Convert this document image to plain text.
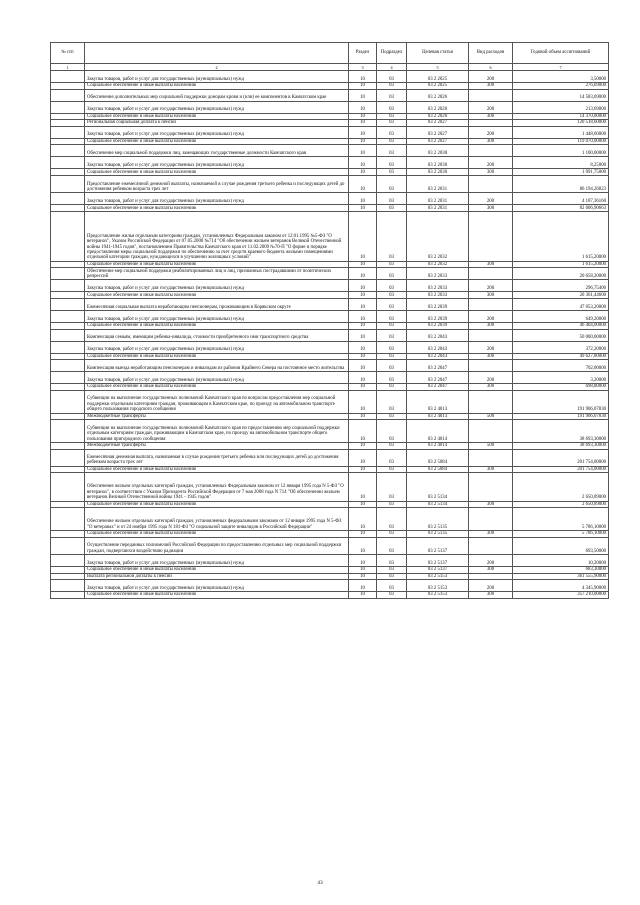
№ п/п		Раздел	Подраздел	Целевая статья	Вид расходов	Годовой объем ассигнований
1	2	3	4	5	6	7
	Закупка товаров, работ и услуг для государственных (муниципальных) нужд	10	03	03 2 2025	200	3,50000
	Социальное обеспечение и иные выплаты населению	10	03	03 2 2025	300	276,69000
	Обеспечение дополнительных мер социальной поддержки донорам крови и (или) ее компонентов в Камчатском крае	10	03	03 2 2026		14 583,69000
	Закупка товаров, работ и услуг для государственных (муниципальных) нужд	10	03	03 2 2026	200	213,69000
	Социальное обеспечение и иные выплаты населению	10	03	03 2 2026	300	14 370,00000
	Региональная социальная доплата к пенсии	10	03	03 2 2027		120 518,60000
	Закупка товаров, работ и услуг для государственных (муниципальных) нужд	10	03	03 2 2027	200	1 448,60000
	Социальное обеспечение и иные выплаты населению	10	03	03 2 2027	300	119 070,00000
	Обеспечение мер социальной поддержки лиц, замещающих государственные должности Камчатского края	10	03	03 2 2030		1 100,00000
	Закупка товаров, работ и услуг для государственных (муниципальных) нужд	10	03	03 2 2030	200	8,25000
	Социальное обеспечение и иные выплаты населению	10	03	03 2 2030	300	1 091,75000
	Предоставление ежемесячной денежной выплаты, назначаемой в случае рождения третьего ребенка и последующих детей до достижения ребенком возраста трех лет	10	03	03 2 2031		86 194,26823
	Закупка товаров, работ и услуг для государственных (муниципальных) нужд	10	03	03 2 2031	200	4 187,36160
	Социальное обеспечение и иные выплаты населению	10	03	03 2 2031	300	82 006,90663
	Предоставление жилья отдельным категориям граждан, установленных Федеральным законом от 12.01.1995 №5-ФЗ "О ветеранах", Указом Российской Федерации от 07.05.2008 №714 "Об обеспечении жильем ветеранов Великой Отечественной войны 1941-1945 годов", постановлением Правительства Камчатского края от 11.02.2009 №70-П "О форме и порядке предоставления меры социальной поддержки по обеспечению за счет средств краевого бюджета жилыми помещениями отдельной категории граждан, нуждающихся в улучшении жилищных условий"	10	03	03 2 2032		1 615,20000
	Социальное обеспечение и иные выплаты населению	10	03	03 2 2032	300	1 615,20000
	Обеспечение мер социальной поддержки реабилитированных лиц и лиц, признанных пострадавшими от политических репрессий	10	03	03 2 2033		20 658,20000
	Закупка товаров, работ и услуг для государственных (муниципальных) нужд	10	03	03 2 2033	200	296,75400
	Социальное обеспечение и иные выплаты населению	10	03	03 2 2033	300	20 361,44600
	Ежемесячная социальная выплата неработающим пенсионерам, проживающим в Корякском округе	10	03	03 2 2039		47 053,20000
	Закупка товаров, работ и услуг для государственных (муниципальных) нужд	10	03	03 2 2039	200	649,20000
	Социальное обеспечение и иные выплаты населению	10	03	03 2 2039	300	46 404,00000
	Компенсация семьям, имеющим ребенка-инвалида, стоимости приобретенного ими транспортного средства	10	03	03 2 2043		50 000,00000
	Закупка товаров, работ и услуг для государственных (муниципальных) нужд	10	03	03 2 2043	200	372,20000
	Социальное обеспечение и иные выплаты населению	10	03	03 2 2043	300	49 627,80000
	Компенсация выезда неработающим пенсионерам и инвалидам из районов Крайнего Севера на постоянное место жительства	10	03	03 2 2047		702,00000
	Закупка товаров, работ и услуг для государственных (муниципальных) нужд	10	03	03 2 2047	200	3,20000
	Социальное обеспечение и иные выплаты населению	10	03	03 2 2047	300	698,80000
	Субвенции на выполнение государственных полномочий Камчатского края по вопросам предоставления мер социальной поддержки отдельным категориям граждан, проживающим в Камчатском крае, по проезду на автомобильном транспорте общего пользования городского сообщения	10	03	03 2 4013		191 906,07830
	Межбюджетные трансферты	10	03	03 2 4013	500	191 906,07830
	Субвенции на выполнение государственных полномочий Камчатского края по предоставлению мер социальной поддержки отдельным категориям граждан, проживающим в Камчатском крае, по проезду на автомобильном транспорте общего пользования пригородного сообщения	10	03	03 2 4014		38 693,30000
	Межбюджетные трансферты	10	03	03 2 4014	500	38 693,30000
	Ежемесячная денежная выплата, назначаемая в случае рождения третьего ребенка или последующих детей до достижения ребенком возраста трех лет	10	03	03 2 5084		201 754,00000
	Социальное обеспечение и иные выплаты населению	10	03	03 2 5084	300	201 754,00000
	Обеспечение жильем отдельных категорий граждан, установленных Федеральным законом от 12 января 1995 года N 5-ФЗ "О ветеранах", в соответствии с Указом Президента Российской Федерации от 7 мая 2008 года N 714 "Об обеспечении жильем ветеранов Великой Отечественной войны 1941 - 1945 годов"	10	03	03 2 5134		2 650,89000
	Социальное обеспечение и иные выплаты населению	10	03	03 2 5134	300	2 650,89000
	Обеспечение жильем отдельных категорий граждан, установленных федеральными законами от 12 января 1995 года N 5-ФЗ "О ветеранах" и от 24 ноября 1995 года N 181-ФЗ "О социальной защите инвалидов в Российской Федерации"	10	03	03 2 5135		5 786,10000
	Социальное обеспечение и иные выплаты населению	10	03	03 2 5135	300	5 786,10000
	Осуществление переданных полномочий Российской Федерации по предоставлению отдельных мер социальной поддержки граждан, подвергшихся воздействию радиации	10	03	03 2 5137		693,50000
	Закупка товаров, работ и услуг для государственных (муниципальных) нужд	10	03	03 2 5137	200	10,20000
	Социальное обеспечение и иные выплаты населению	10	03	03 2 5137	300	683,30000
	Выплата региональной доплаты к пенсии	10	03	03 2 5153		361 555,90000
	Закупка товаров, работ и услуг для государственных (муниципальных) нужд	10	03	03 2 5153	200	4 345,90000
	Социальное обеспечение и иные выплаты населению	10	03	03 2 5153	300	357 210,00000
43
